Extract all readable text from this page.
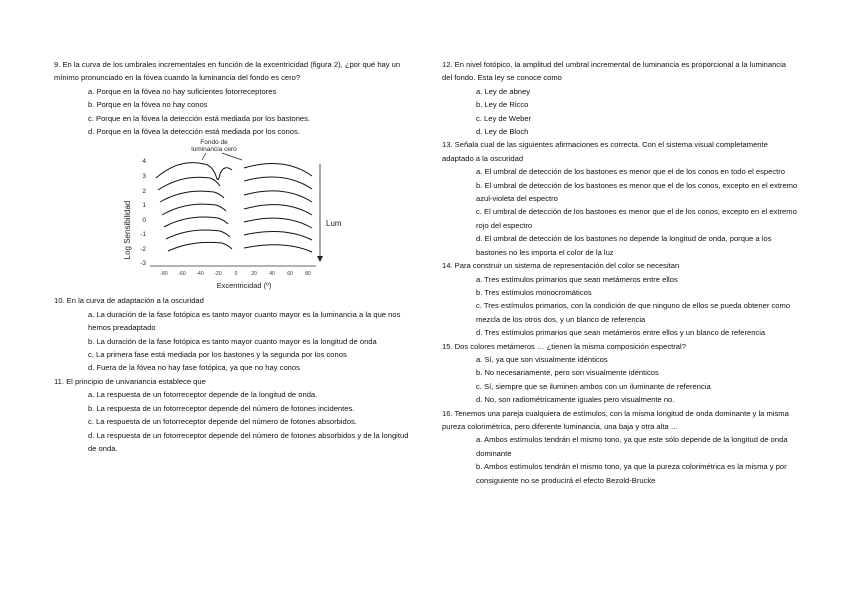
9. En la curva de los umbrales incrementales en función de la excentricidad (figura 2), ¿por qué hay un mínimo pronunciado en la fóvea cuando la luminancia del fondo es cero?

a. Porque en la fóvea no hay suficientes fotorreceptores

b. Porque en la fóvea no hay conos

c. Porque en la fóvea la detección está mediada por los bastones.

d. Porque en la fóvea la detección está mediada por los conos.

Fondo de
luminancia cero
Log Sensibilidad
4
3
2
1
0
-1
-2
-3
-80 -60 -40 -20	0	20 40 60 80
Excentricidad (º)
Lum

10. En la curva de adaptación a la oscuridad

a. La duración de la fase fotópica es tanto mayor cuanto mayor es la luminancia a la que nos hemos preadaptado

b. La duración de la fase fotópica es tanto mayor cuanto mayor es la longitud de onda

c. La primera fase está mediada por los bastones y la segunda por los conos

d. Fuera de la fóvea no hay fase fotópica, ya que no hay conos

11. El principio de univariancia establece que

a. La respuesta de un fotorreceptor depende de la longitud de onda.

b. La respuesta de un fotorreceptor depende del número de fotones incidentes.

c. La respuesta de un fotorreceptor depende del número de fotones absorbidos.

d. La respuesta de un fotorreceptor depende del número de fotones absorbidos y de la longitud de onda.

12. En nivel fotópico, la amplitud del umbral incremental de luminancia es proporcional a la luminancia del fondo. Esta ley se conoce como

a. Ley de abney

b. Ley de Ricco

c. Ley de Weber

d. Ley de Bloch

13. Señala cual de las siguientes afirmaciones es correcta. Con el sistema visual completamente adaptado a la oscuridad

a. El umbral de detección de los bastones es menor que el de los conos en todo el espectro

b. El umbral de detección de los bastones es menor que el de los conos, excepto en el extremo azul-violeta del espectro

c. El umbral de detección de los bastones es menor que el de los conos, excepto en el extremo rojo del espectro

d. El umbral de detección de los bastones no depende la longitud de onda, porque a los bastones no les importa el color de la luz

14. Para construir un sistema de representación del color se necesitan

a. Tres estímulos primarios que sean metámeros entre ellos

b. Tres estímulos monocromáticos

c. Tres estímulos primarios, con la condición de que ninguno de ellos se pueda obtener como mezcla de los otros dos, y un blanco de referencia

d. Tres estímulos primarios que sean metámeros entre ellos y un blanco de referencia

15. Dos colores metámeros … ¿tienen la misma composición espectral?

a. Sí, ya que son visualmente idénticos

b. No necesariamente, pero son visualmente idénticos

c. Sí, siempre que se iluminen ambos con un iluminante de referencia

d. No, son radiométricamente iguales pero visualmente no.

16. Tenemos una pareja cualquiera de estímulos, con la misma longitud de onda dominante y la misma pureza colorimétrica, pero diferente luminancia, una baja y otra alta …

a. Ambos estímulos tendrán el mismo tono, ya que este sólo depende de la longitud de onda dominante

b. Ambos estímulos tendrán el mismo tono, ya que la pureza colorimétrica es la misma y por consiguiente no se producirá el efecto Bezold-Brucke
